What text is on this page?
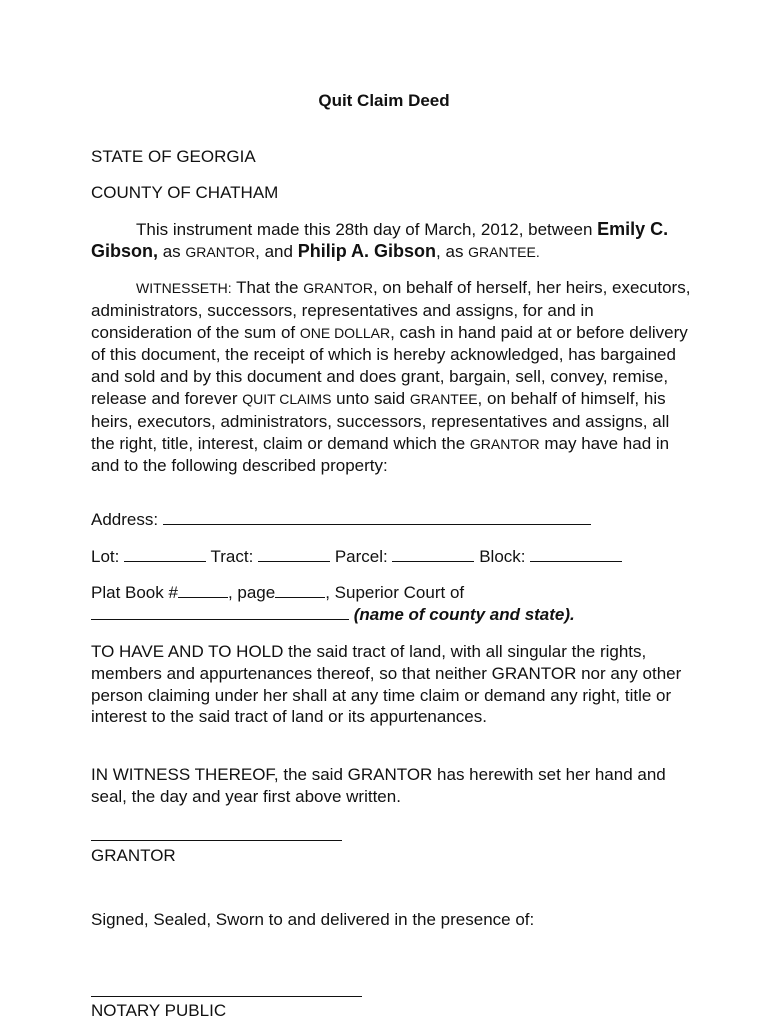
Quit Claim Deed
STATE OF GEORGIA
COUNTY OF CHATHAM
This instrument made this 28th day of March, 2012, between Emily C. Gibson, as GRANTOR, and Philip A. Gibson, as GRANTEE.
WITNESSETH: That the GRANTOR, on behalf of herself, her heirs, executors, administrators, successors, representatives and assigns, for and in consideration of the sum of ONE DOLLAR, cash in hand paid at or before delivery of this document, the receipt of which is hereby acknowledged, has bargained and sold and by this document and does grant, bargain, sell, convey, remise, release and forever QUIT CLAIMS unto said GRANTEE, on behalf of himself, his heirs, executors, administrators, successors, representatives and assigns, all the right, title, interest, claim or demand which the GRANTOR may have had in and to the following described property:
Address:
Lot:	Tract:	Parcel:	Block:
Plat Book #	, page	, Superior Court of
(name of county and state).
TO HAVE AND TO HOLD the said tract of land, with all singular the rights, members and appurtenances thereof, so that neither GRANTOR nor any other person claiming under her shall at any time claim or demand any right, title or interest to the said tract of land or its appurtenances.
IN WITNESS THEREOF, the said GRANTOR has herewith set her hand and seal, the day and year first above written.
GRANTOR
Signed, Sealed, Sworn to and delivered in the presence of:
NOTARY PUBLIC
